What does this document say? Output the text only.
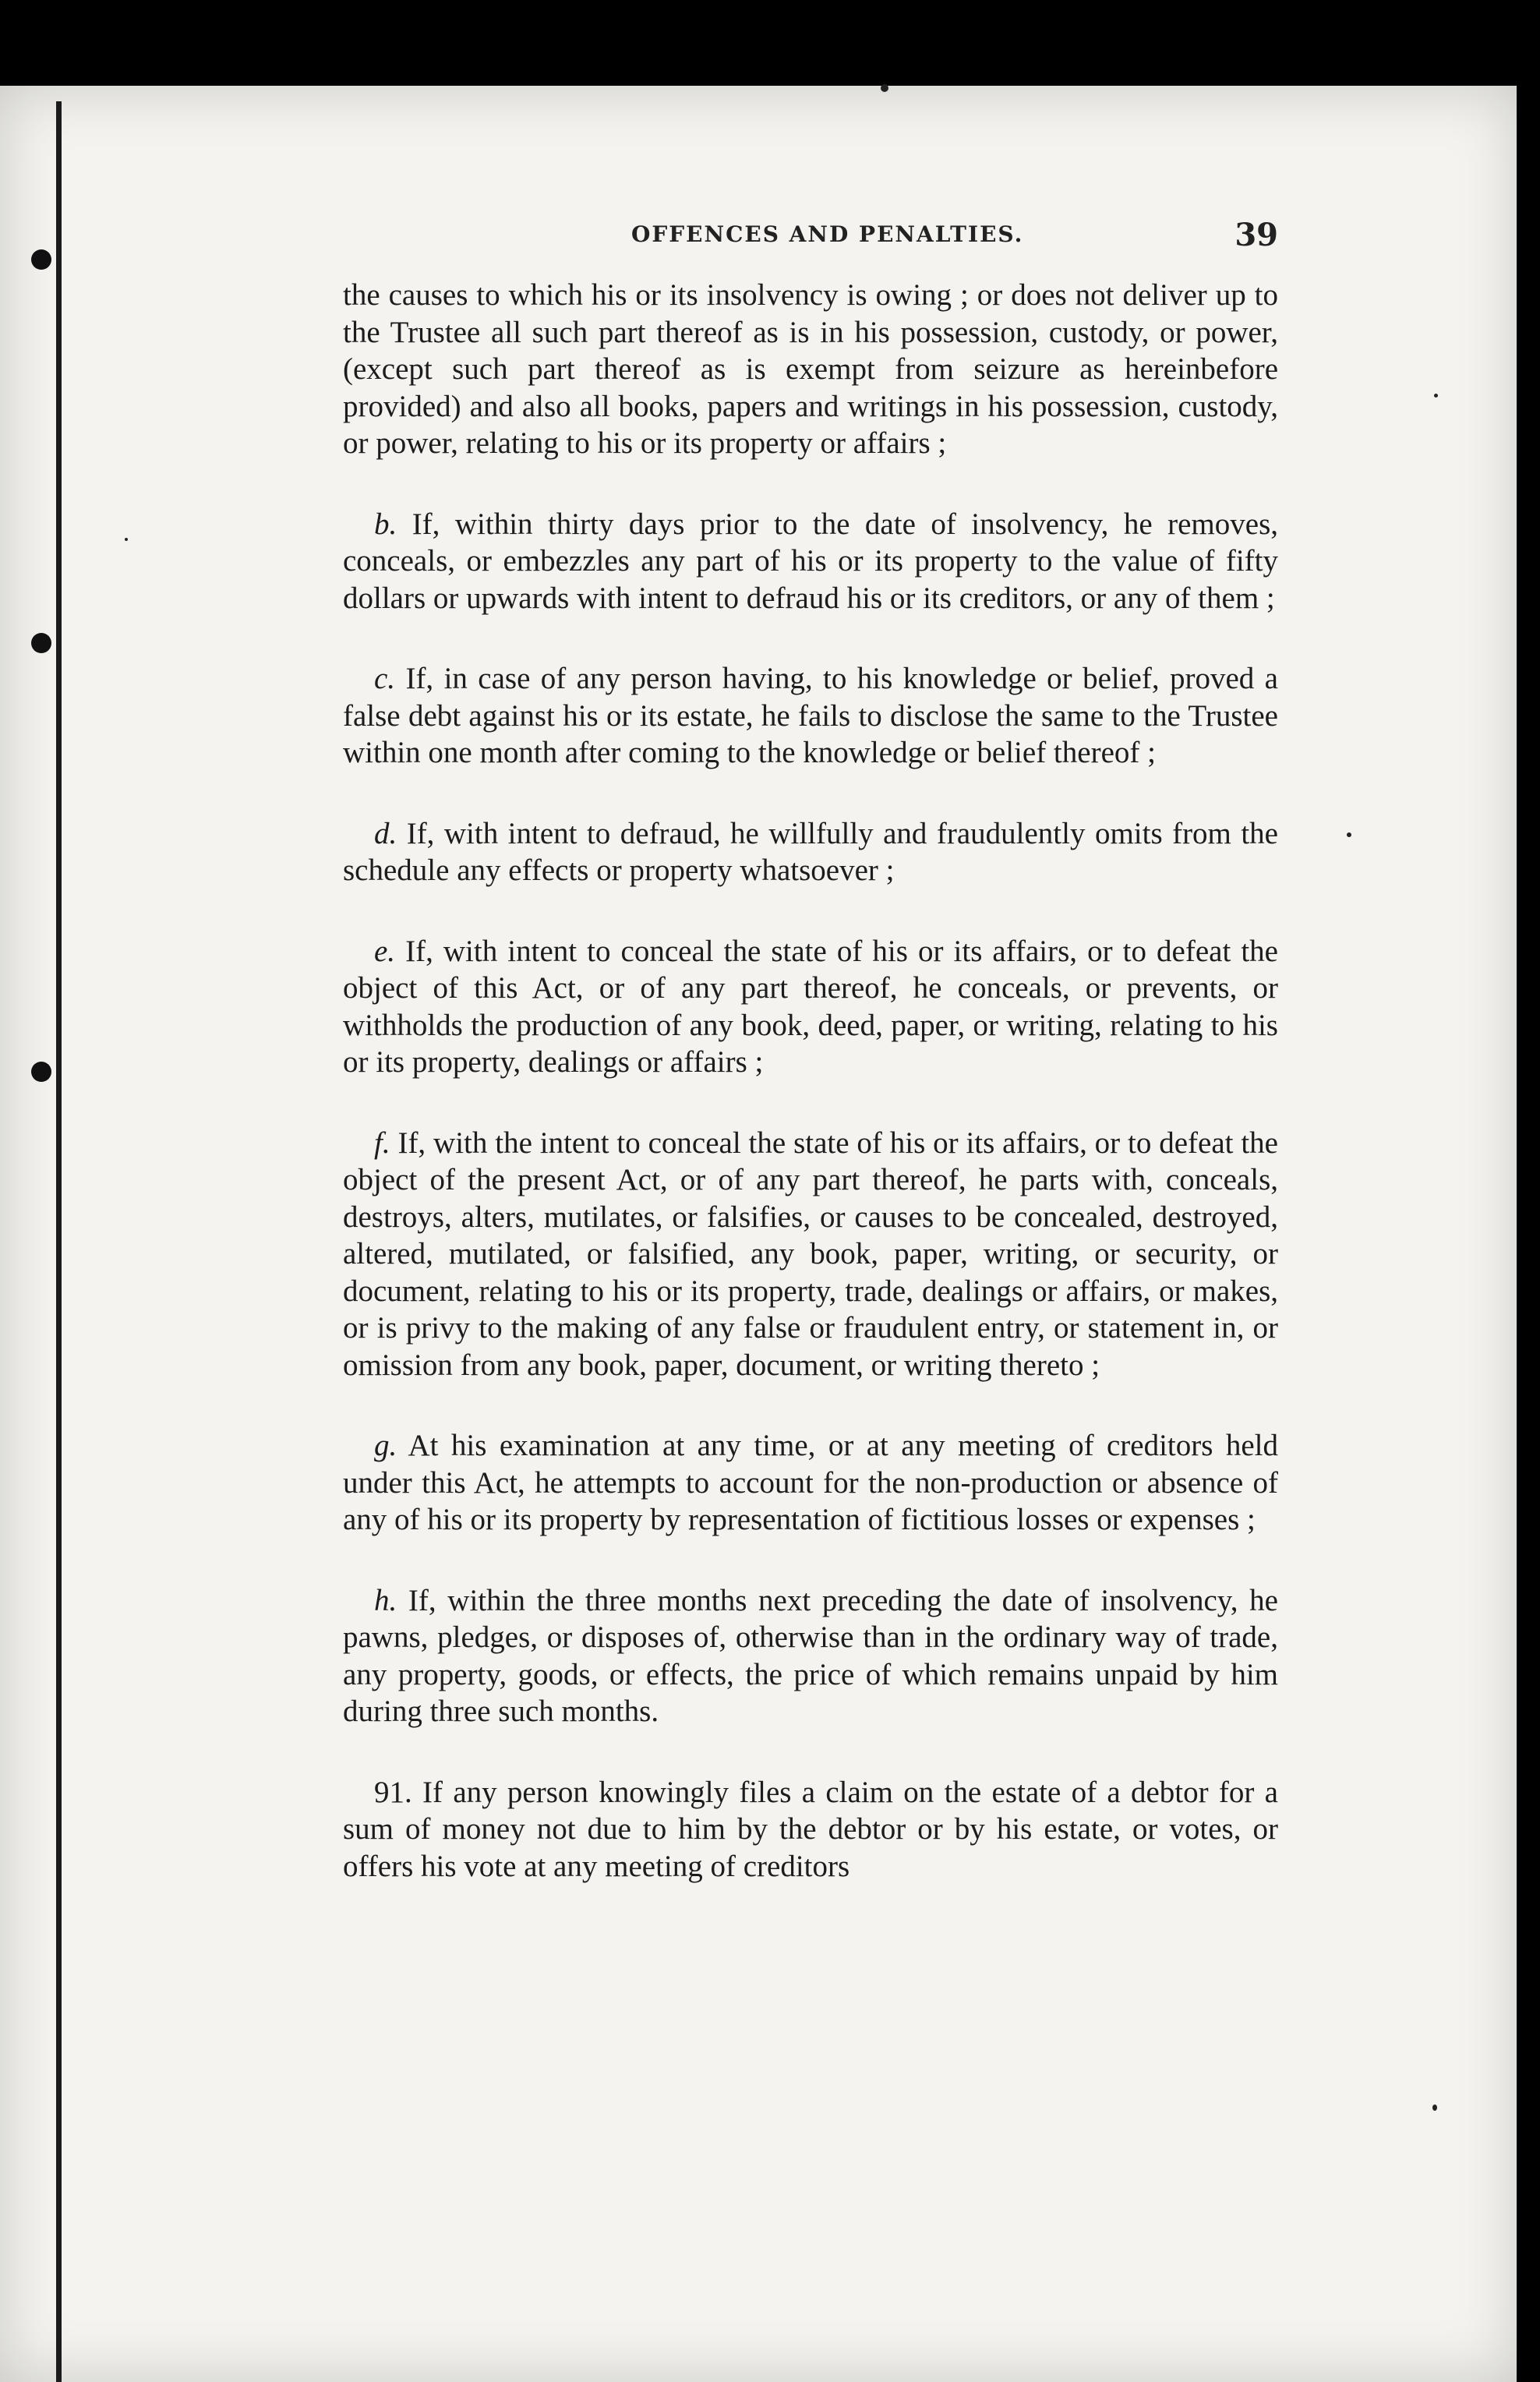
OFFENCES AND PENALTIES.	39

the causes to which his or its insolvency is owing ; or does not deliver up to the Trustee all such part thereof as is in his possession, custody, or power, (except such part thereof as is exempt from seizure as hereinbefore provided) and also all books, papers and writings in his possession, custody, or power, relating to his or its property or affairs ;

b. If, within thirty days prior to the date of insolvency, he removes, conceals, or embezzles any part of his or its property to the value of fifty dollars or upwards with intent to defraud his or its creditors, or any of them ;

c. If, in case of any person having, to his knowledge or belief, proved a false debt against his or its estate, he fails to disclose the same to the Trustee within one month after coming to the knowledge or belief thereof ;

d. If, with intent to defraud, he willfully and fraudulently omits from the schedule any effects or property whatsoever ;

e. If, with intent to conceal the state of his or its affairs, or to defeat the object of this Act, or of any part thereof, he conceals, or prevents, or withholds the production of any book, deed, paper, or writing, relating to his or its property, dealings or affairs ;

f. If, with the intent to conceal the state of his or its affairs, or to defeat the object of the present Act, or of any part thereof, he parts with, conceals, destroys, alters, mutilates, or falsifies, or causes to be concealed, destroyed, altered, mutilated, or falsified, any book, paper, writing, or security, or document, relating to his or its property, trade, dealings or affairs, or makes, or is privy to the making of any false or fraudulent entry, or statement in, or omission from any book, paper, document, or writing thereto ;

g. At his examination at any time, or at any meeting of creditors held under this Act, he attempts to account for the non-production or absence of any of his or its property by representation of fictitious losses or expenses ;

h. If, within the three months next preceding the date of insolvency, he pawns, pledges, or disposes of, otherwise than in the ordinary way of trade, any property, goods, or effects, the price of which remains unpaid by him during three such months.

91. If any person knowingly files a claim on the estate of a debtor for a sum of money not due to him by the debtor or by his estate, or votes, or offers his vote at any meeting of creditors
